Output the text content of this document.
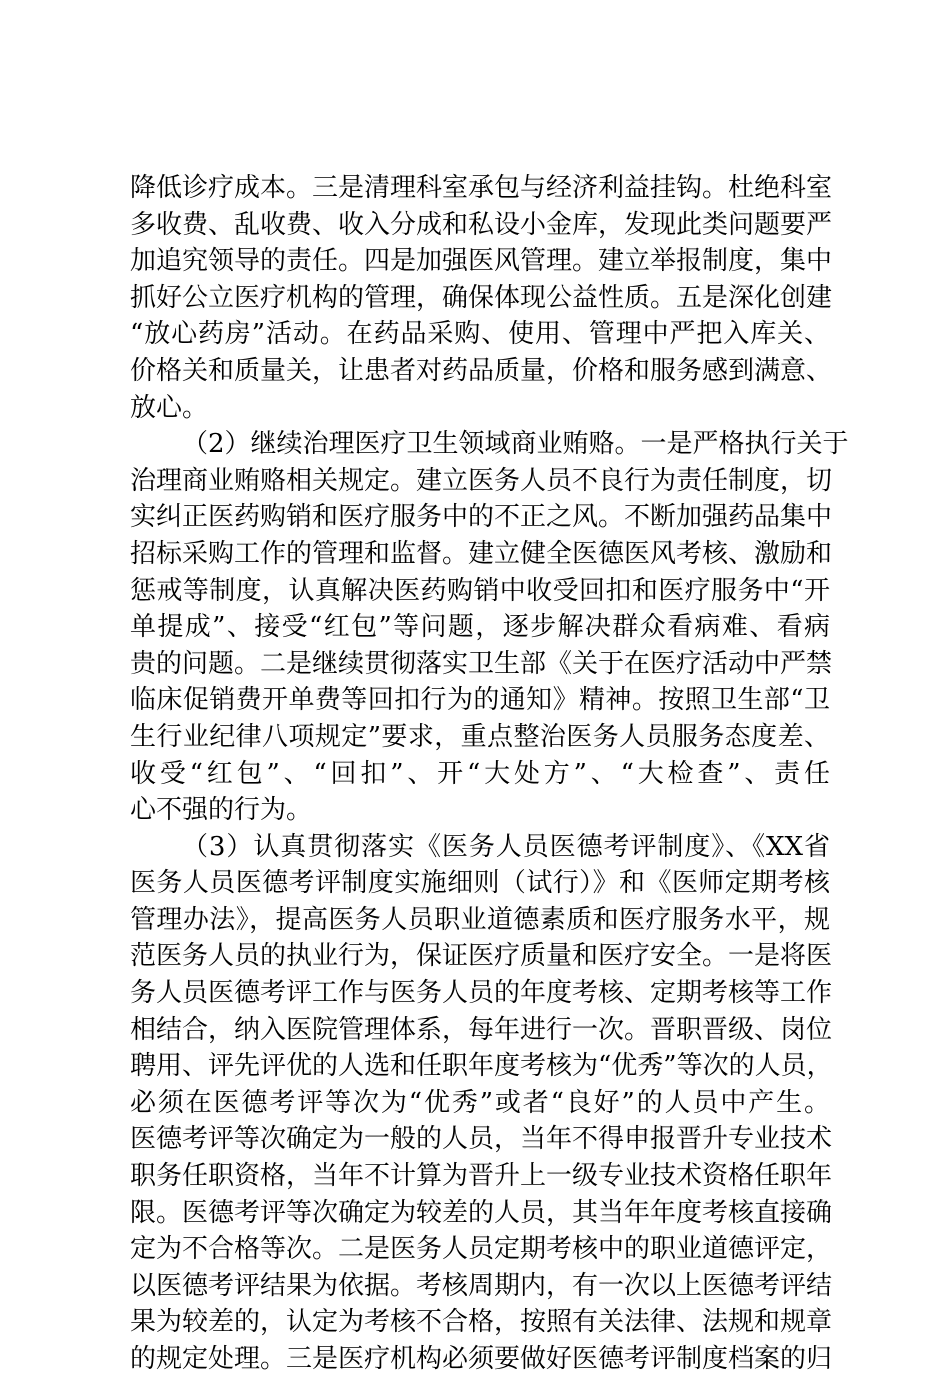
降低诊疗成本。三是清理科室承包与经济利益挂钩。杜绝科室
多收费、乱收费、收入分成和私设小金库，发现此类问题要严
加追究领导的责任。四是加强医风管理。建立举报制度，集中
抓好公立医疗机构的管理，确保体现公益性质。五是深化创建
“放心药房”活动。在药品采购、使用、管理中严把入库关、
价格关和质量关，让患者对药品质量，价格和服务感到满意、
放心。
（2）继续治理医疗卫生领域商业贿赂。一是严格执行关于
治理商业贿赂相关规定。建立医务人员不良行为责任制度，切
实纠正医药购销和医疗服务中的不正之风。不断加强药品集中
招标采购工作的管理和监督。建立健全医德医风考核、激励和
惩戒等制度，认真解决医药购销中收受回扣和医疗服务中“开
单提成”、接受“红包”等问题，逐步解决群众看病难、看病
贵的问题。二是继续贯彻落实卫生部《关于在医疗活动中严禁
临床促销费开单费等回扣行为的通知》精神。按照卫生部“卫
生行业纪律八项规定”要求，重点整治医务人员服务态度差、
收受“红包”、“回扣”、开“大处方”、“大检查”、责任
心不强的行为。
（3）认真贯彻落实《医务人员医德考评制度》、《XX省
医务人员医德考评制度实施细则（试行）》和《医师定期考核
管理办法》，提高医务人员职业道德素质和医疗服务水平，规
范医务人员的执业行为，保证医疗质量和医疗安全。一是将医
务人员医德考评工作与医务人员的年度考核、定期考核等工作
相结合，纳入医院管理体系，每年进行一次。晋职晋级、岗位
聘用、评先评优的人选和任职年度考核为“优秀”等次的人员，
必须在医德考评等次为“优秀”或者“良好”的人员中产生。
医德考评等次确定为一般的人员，当年不得申报晋升专业技术
职务任职资格，当年不计算为晋升上一级专业技术资格任职年
限。医德考评等次确定为较差的人员，其当年年度考核直接确
定为不合格等次。二是医务人员定期考核中的职业道德评定，
以医德考评结果为依据。考核周期内，有一次以上医德考评结
果为较差的，认定为考核不合格，按照有关法律、法规和规章
的规定处理。三是医疗机构必须要做好医德考评制度档案的归
